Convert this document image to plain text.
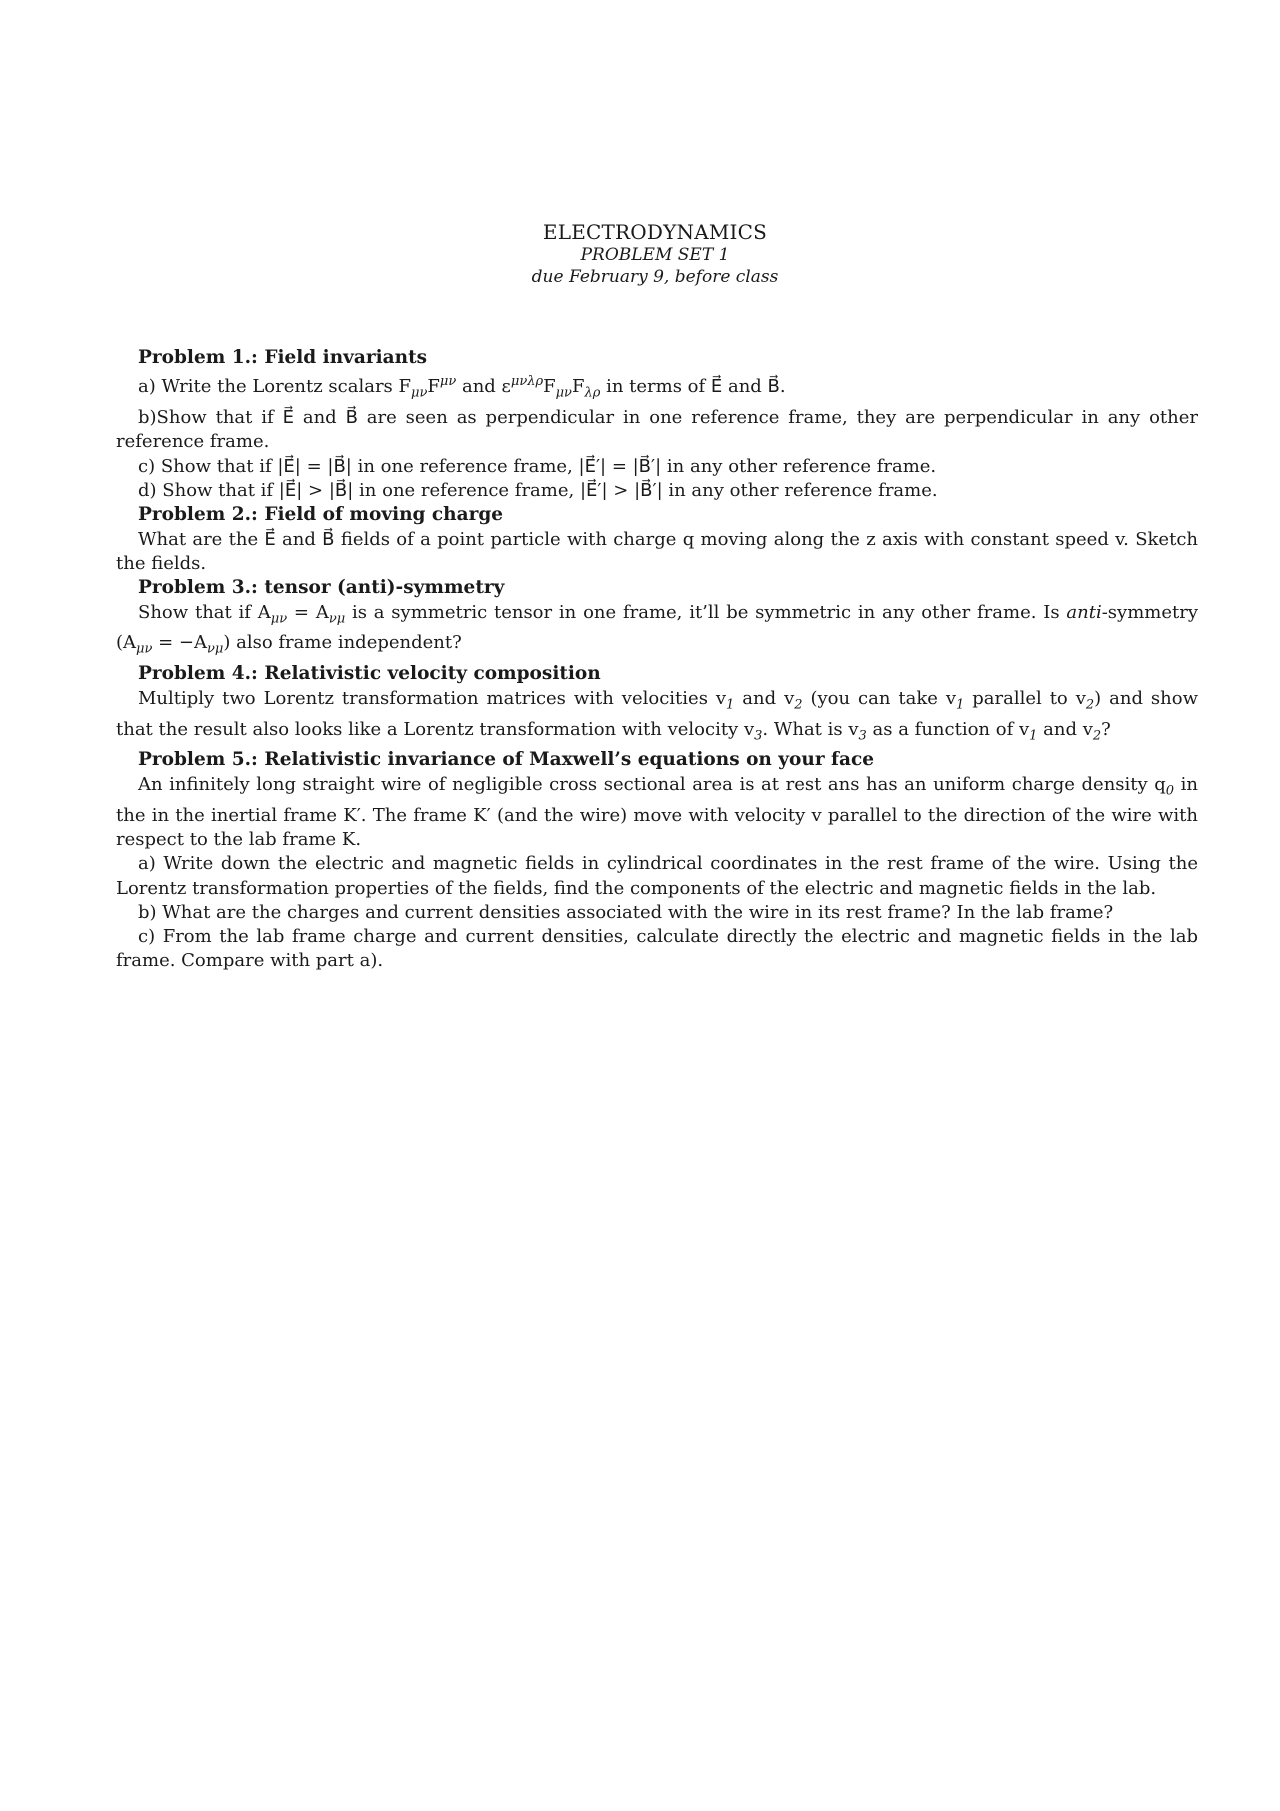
ELECTRODYNAMICS
PROBLEM SET 1
due February 9, before class
Problem 1.: Field invariants

a) Write the Lorentz scalars $F_{\mu\nu}F^{\mu\nu}$ and $\varepsilon^{\mu\nu\lambda\rho}F_{\mu\nu}F_{\lambda\rho}$ in terms of E⃗ and B⃗.

b)Show that if E⃗ and B⃗ are seen as perpendicular in one reference frame, they are perpendicular in any other reference frame.

c) Show that if |E⃗| = |B⃗| in one reference frame, |E⃗′| = |B⃗′| in any other reference frame.

d) Show that if |E⃗| > |B⃗| in one reference frame, |E⃗′| > |B⃗′| in any other reference frame.

Problem 2.: Field of moving charge

What are the E⃗ and B⃗ fields of a point particle with charge q moving along the z axis with constant speed v. Sketch the fields.

Problem 3.: tensor (anti)-symmetry

Show that if $A_{\mu\nu} = A_{\nu\mu}$ is a symmetric tensor in one frame, it’ll be symmetric in any other frame. Is anti-symmetry $(A_{\mu\nu} = -A_{\nu\mu})$ also frame independent?

Problem 4.: Relativistic velocity composition

Multiply two Lorentz transformation matrices with velocities $v_1$ and $v_2$ (you can take $v_1$ parallel to $v_2$) and show that the result also looks like a Lorentz transformation with velocity $v_3$. What is $v_3$ as a function of $v_1$ and $v_2$?

Problem 5.: Relativistic invariance of Maxwell’s equations on your face

An infinitely long straight wire of negligible cross sectional area is at rest ans has an uniform charge density $q_0$ in the in the inertial frame K′. The frame K′ (and the wire) move with velocity v parallel to the direction of the wire with respect to the lab frame K.

a) Write down the electric and magnetic fields in cylindrical coordinates in the rest frame of the wire. Using the Lorentz transformation properties of the fields, find the components of the electric and magnetic fields in the lab.

b) What are the charges and current densities associated with the wire in its rest frame? In the lab frame?

c) From the lab frame charge and current densities, calculate directly the electric and magnetic fields in the lab frame. Compare with part a).
